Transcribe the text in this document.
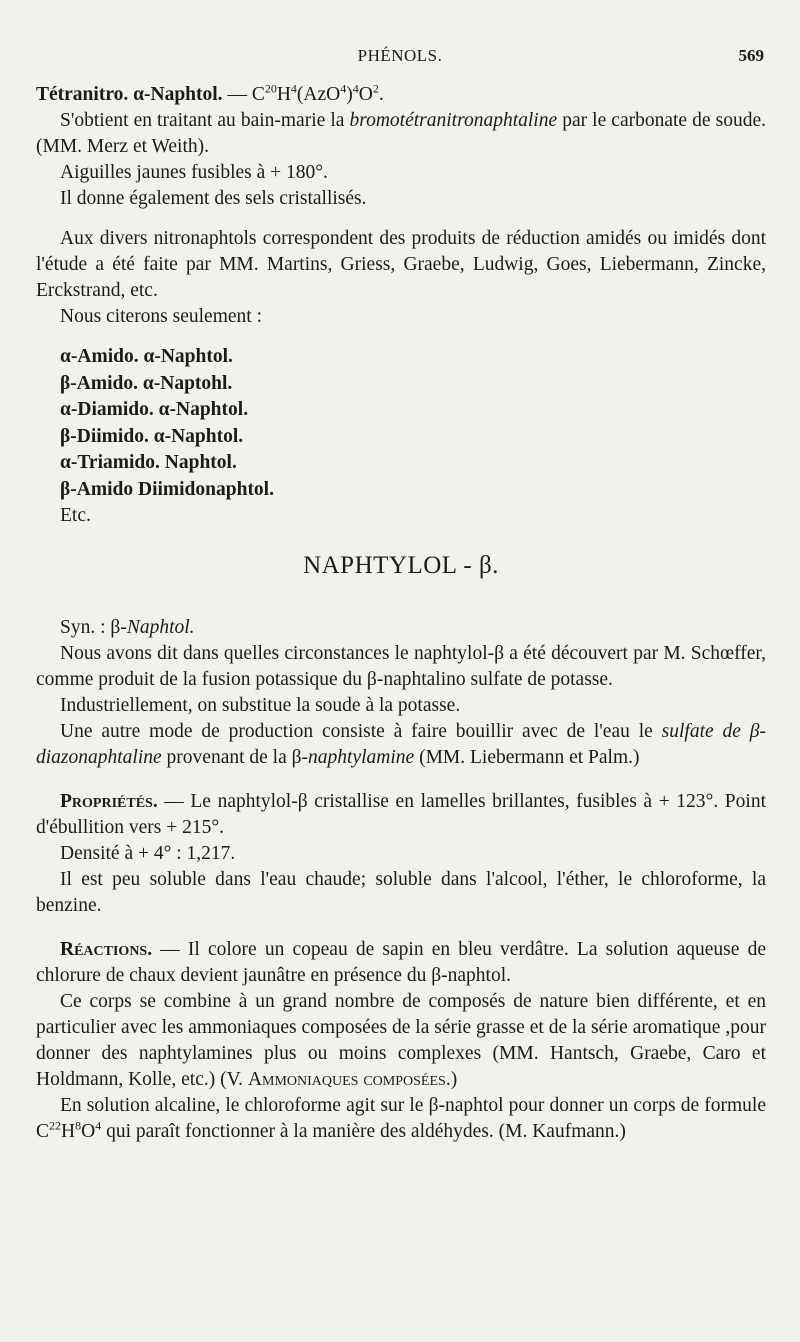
PHÉNOLS.	569

Tétranitro. α-Naphtol. — $C^{20}H^4(AzO^4)^4O^2$.

S'obtient en traitant au bain-marie la bromotétranitronaphtaline par le carbonate de soude. (MM. Merz et Weith).

Aiguilles jaunes fusibles à + 180°.

Il donne également des sels cristallisés.

Aux divers nitronaphtols correspondent des produits de réduction amidés ou imidés dont l'étude a été faite par MM. Martins, Griess, Graebe, Ludwig, Goes, Liebermann, Zincke, Erckstrand, etc.

Nous citerons seulement :

α-Amido. α-Naphtol.
β-Amido. α-Naptohl.
α-Diamido. α-Naphtol.
β-Diimido. α-Naphtol.
α-Triamido. Naphtol.
β-Amido Diimidonaphtol.

Etc.

NAPHTYLOL - β.

Syn. : β-Naphtol.

Nous avons dit dans quelles circonstances le naphtylol-β a été découvert par M. Schœffer, comme produit de la fusion potassique du β-naphtalino sulfate de potasse.

Industriellement, on substitue la soude à la potasse.

Une autre mode de production consiste à faire bouillir avec de l'eau le sulfate de β-diazonaphtaline provenant de la β-naphtylamine (MM. Liebermann et Palm.)

Propriétés. — Le naphtylol-β cristallise en lamelles brillantes, fusibles à + 123°. Point d'ébullition vers + 215°.

Densité à + 4° : 1,217.

Il est peu soluble dans l'eau chaude; soluble dans l'alcool, l'éther, le chloroforme, la benzine.

Réactions. — Il colore un copeau de sapin en bleu verdâtre. La solution aqueuse de chlorure de chaux devient jaunâtre en présence du β-naphtol.

Ce corps se combine à un grand nombre de composés de nature bien différente, et en particulier avec les ammoniaques composées de la série grasse et de la série aromatique ,pour donner des naphtylamines plus ou moins complexes (MM. Hantsch, Graebe, Caro et Holdmann, Kolle, etc.) (V. Ammoniaques composées.)

En solution alcaline, le chloroforme agit sur le β-naphtol pour donner un corps de formule $C^{22}H^8O^4$ qui paraît fonctionner à la manière des aldéhydes. (M. Kaufmann.)
